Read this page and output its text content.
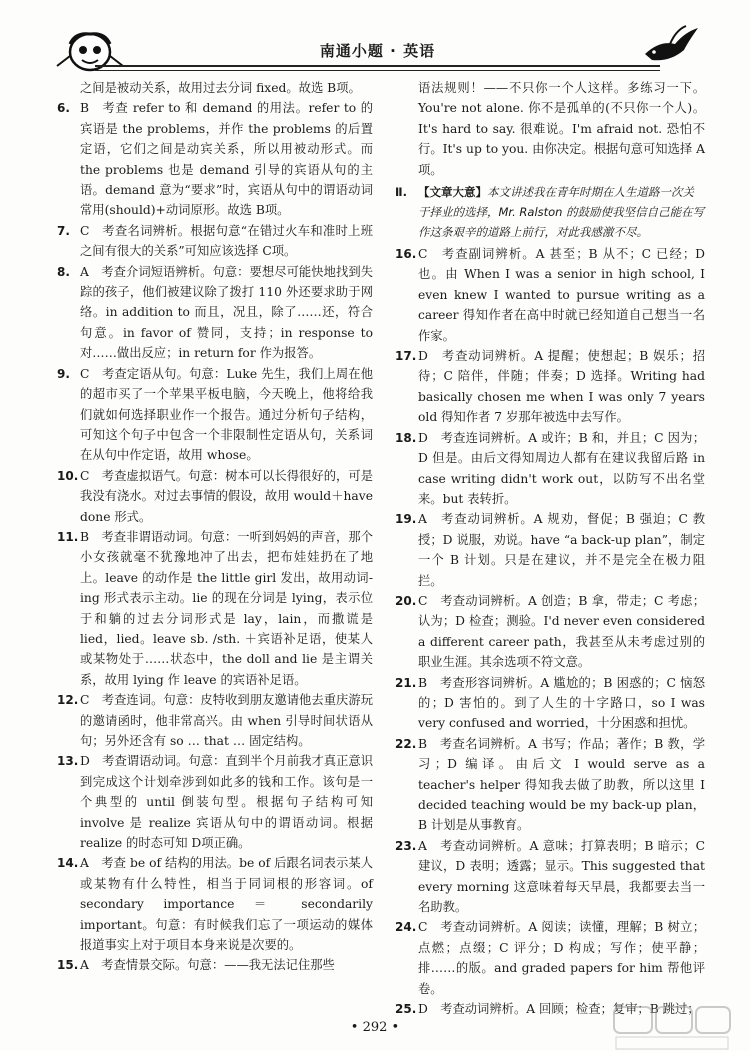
南通小题 · 英语

之间是被动关系，故用过去分词 fixed。故选 B项。

6. B　考查 refer to 和 demand 的用法。refer to 的宾语是 the problems，并作 the problems 的后置定语，它们之间是动宾关系，所以用被动形式。而 the problems 也是 demand 引导的宾语从句的主语。demand 意为“要求”时，宾语从句中的谓语动词常用(should)+动词原形。故选 B项。
7. C　考查名词辨析。根据句意“在错过火车和准时上班之间有很大的关系”可知应该选择 C项。
8. A　考查介词短语辨析。句意：要想尽可能快地找到失踪的孩子，他们被建议除了拨打 110 外还要求助于网络。in addition to 而且，况且，除了……还，符合句意。in favor of 赞同，支持；in response to 对……做出反应；in return for 作为报答。
9. C　考查定语从句。句意：Luke 先生，我们上周在他的超市买了一个苹果平板电脑，今天晚上，他将给我们就如何选择职业作一个报告。通过分析句子结构，可知这个句子中包含一个非限制性定语从句，关系词在从句中作定语，故用 whose。
10. C　考查虚拟语气。句意：树本可以长得很好的，可是我没有浇水。对过去事情的假设，故用 would＋have done 形式。
11. B　考查非谓语动词。句意：一听到妈妈的声音，那个小女孩就毫不犹豫地冲了出去，把布娃娃扔在了地上。leave 的动作是 the little girl 发出，故用动词-ing 形式表示主动。lie 的现在分词是 lying，表示位于和躺的过去分词形式是 lay，lain，而撒谎是 lied，lied。leave sb. /sth. ＋宾语补足语，使某人或某物处于……状态中，the doll and lie 是主谓关系，故用 lying 作 leave 的宾语补足语。
12. C　考查连词。句意：皮特收到朋友邀请他去重庆游玩的邀请函时，他非常高兴。由 when 引导时间状语从句；另外还含有 so … that … 固定结构。
13. D　考查谓语动词。句意：直到半个月前我才真正意识到完成这个计划牵涉到如此多的钱和工作。该句是一个典型的 until 倒装句型。根据句子结构可知 involve 是 realize 宾语从句中的谓语动词。根据 realize 的时态可知 D项正确。
14. A　考查 be of 结构的用法。be of 后跟名词表示某人或某物有什么特性，相当于同词根的形容词。of secondary importance ＝ secondarily important。句意：有时候我们忘了一项运动的媒体报道事实上对于项目本身来说是次要的。
15. A　考查情景交际。句意：——我无法记住那些

语法规则！——不只你一个人这样。多练习一下。You're not alone. 你不是孤单的(不只你一个人)。It's hard to say. 很难说。I'm afraid not. 恐怕不行。It's up to you. 由你决定。根据句意可知选择 A项。

Ⅱ. 【文章大意】本文讲述我在青年时期在人生道路一次关于择业的选择，Mr. Ralston 的鼓励使我坚信自己能在写作这条艰辛的道路上前行，对此我感激不尽。
16. C　考查副词辨析。A 甚至；B 从不；C 已经；D 也。由 When I was a senior in high school, I even knew I wanted to pursue writing as a career 得知作者在高中时就已经知道自己想当一名作家。
17. D　考查动词辨析。A 提醒；使想起；B 娱乐；招待；C 陪伴，伴随；伴奏；D 选择。Writing had basically chosen me when I was only 7 years old 得知作者 7 岁那年被选中去写作。
18. D　考查连词辨析。A 或许；B 和，并且；C 因为；D 但是。由后文得知周边人都有在建议我留后路 in case writing didn't work out，以防写不出名堂来。but 表转折。
19. A　考查动词辨析。A 规劝，督促；B 强迫；C 教授；D 说服，劝说。have “a back-up plan”，制定一个 B 计划。只是在建议，并不是完全在极力阻拦。
20. C　考查动词辨析。A 创造；B 拿，带走；C 考虑；认为；D 检查；测验。I'd never even considered a different career path，我甚至从未考虑过别的职业生涯。其余选项不符文意。
21. B　考查形容词辨析。A 尴尬的；B 困惑的；C 恼怒的；D 害怕的。到了人生的十字路口，so I was very confused and worried，十分困惑和担忧。
22. B　考查名词辨析。A 书写；作品；著作；B 教，学习；D 编译。由后文 I would serve as a teacher's helper 得知我去做了助教，所以这里 I decided teaching would be my back-up plan，B 计划是从事教育。
23. A　考查动词辨析。A 意味；打算表明；B 暗示；C 建议，D 表明；透露；显示。This suggested that every morning 这意味着每天早晨，我都要去当一名助教。
24. C　考查动词辨析。A 阅读；读懂，理解；B 树立；点燃；点缀；C 评分；D 构成；写作；使平静；排……的版。and graded papers for him 帮他评卷。
25. D　考查动词辨析。A 回顾；检查；复审；B 跳过；
• 292 •
